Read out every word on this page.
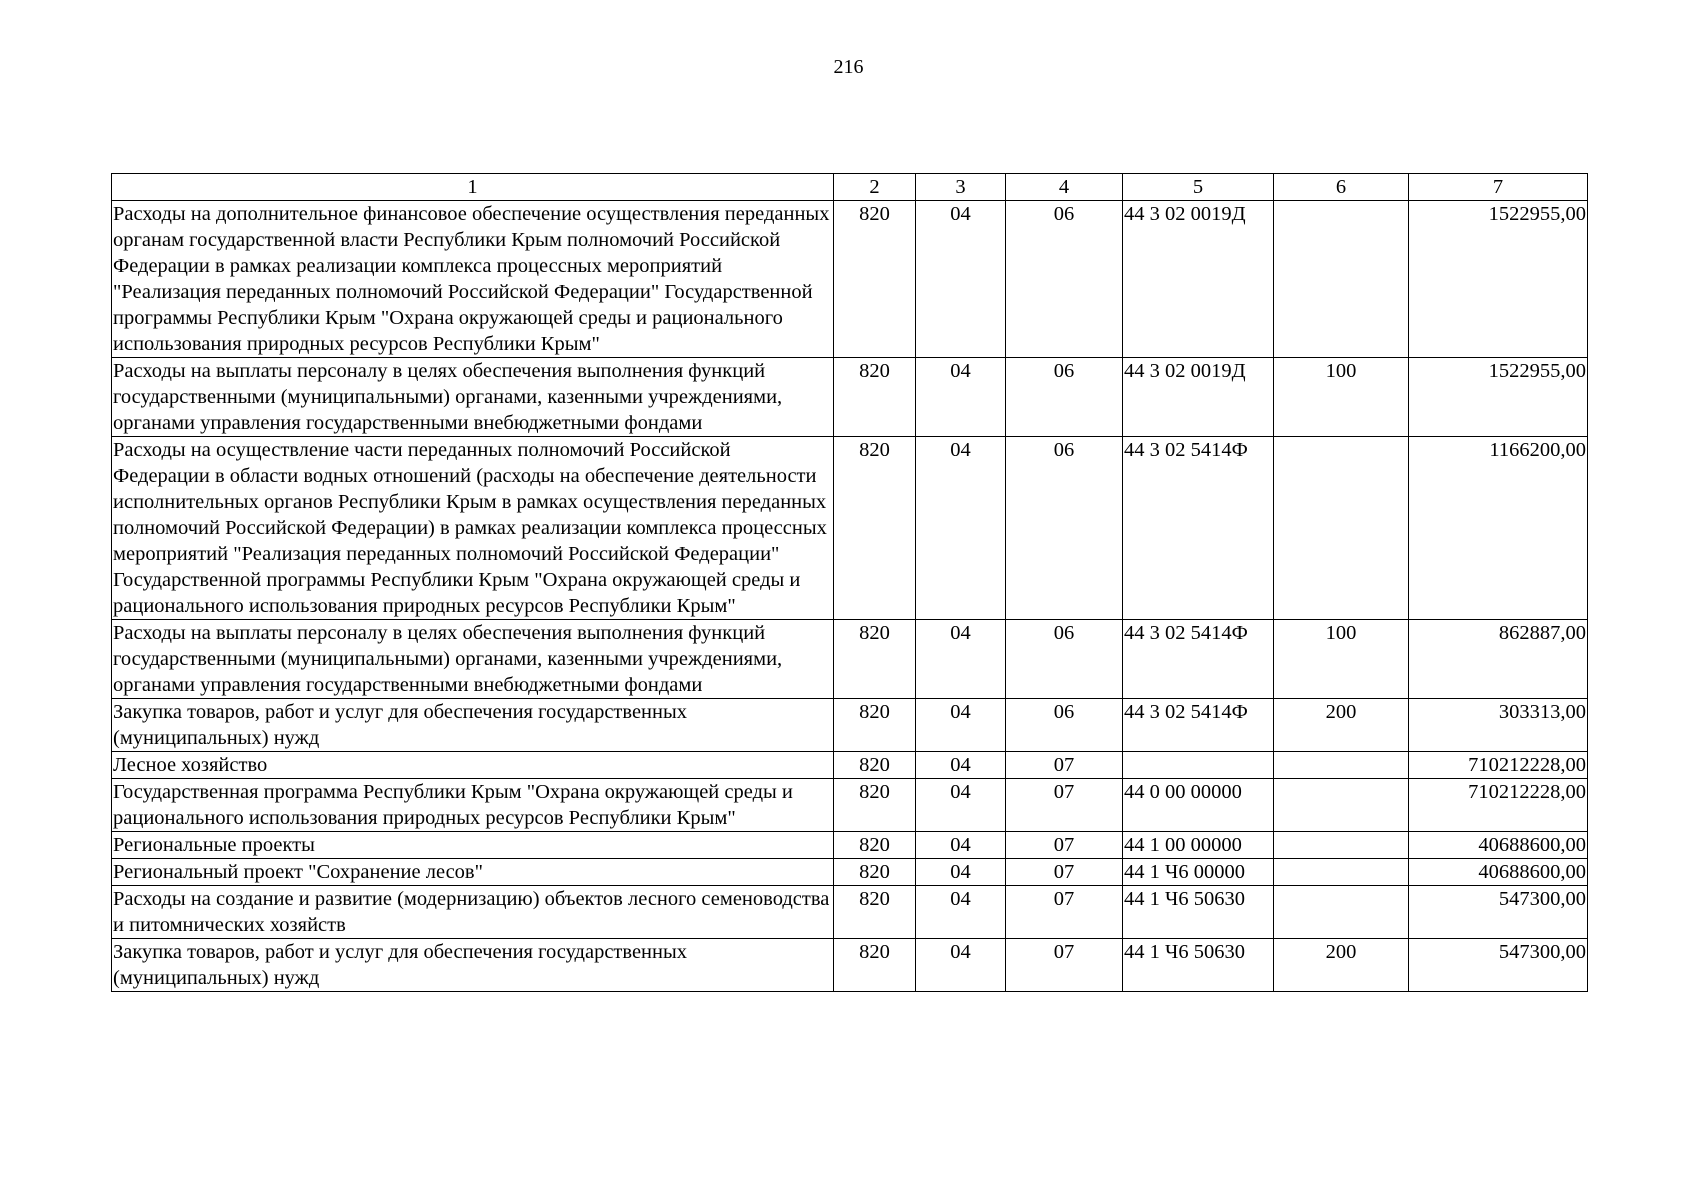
216
1	2	3	4	5	6	7
Расходы на дополнительное финансовое обеспечение осуществления переданных органам государственной власти Республики Крым полномочий Российской Федерации в рамках реализации комплекса процессных мероприятий "Реализация переданных полномочий Российской Федерации" Государственной программы Республики Крым "Охрана окружающей среды и рационального использования природных ресурсов Республики Крым"	820	04	06	44 3 02 0019Д		1522955,00
Расходы на выплаты персоналу в целях обеспечения выполнения функций государственными (муниципальными) органами, казенными учреждениями, органами управления государственными внебюджетными фондами	820	04	06	44 3 02 0019Д	100	1522955,00
Расходы на осуществление части переданных полномочий Российской Федерации в области водных отношений (расходы на обеспечение деятельности исполнительных органов Республики Крым в рамках осуществления переданных полномочий Российской Федерации) в рамках реализации комплекса процессных мероприятий "Реализация переданных полномочий Российской Федерации" Государственной программы Республики Крым "Охрана окружающей среды и рационального использования природных ресурсов Республики Крым"	820	04	06	44 3 02 5414Ф		1166200,00
Расходы на выплаты персоналу в целях обеспечения выполнения функций государственными (муниципальными) органами, казенными учреждениями, органами управления государственными внебюджетными фондами	820	04	06	44 3 02 5414Ф	100	862887,00
Закупка товаров, работ и услуг для обеспечения государственных (муниципальных) нужд	820	04	06	44 3 02 5414Ф	200	303313,00
Лесное хозяйство	820	04	07			710212228,00
Государственная программа Республики Крым "Охрана окружающей среды и рационального использования природных ресурсов Республики Крым"	820	04	07	44 0 00 00000		710212228,00
Региональные проекты	820	04	07	44 1 00 00000		40688600,00
Региональный проект "Сохранение лесов"	820	04	07	44 1 Ч6 00000		40688600,00
Расходы на создание и развитие (модернизацию) объектов лесного семеноводства и питомнических хозяйств	820	04	07	44 1 Ч6 50630		547300,00
Закупка товаров, работ и услуг для обеспечения государственных (муниципальных) нужд	820	04	07	44 1 Ч6 50630	200	547300,00
